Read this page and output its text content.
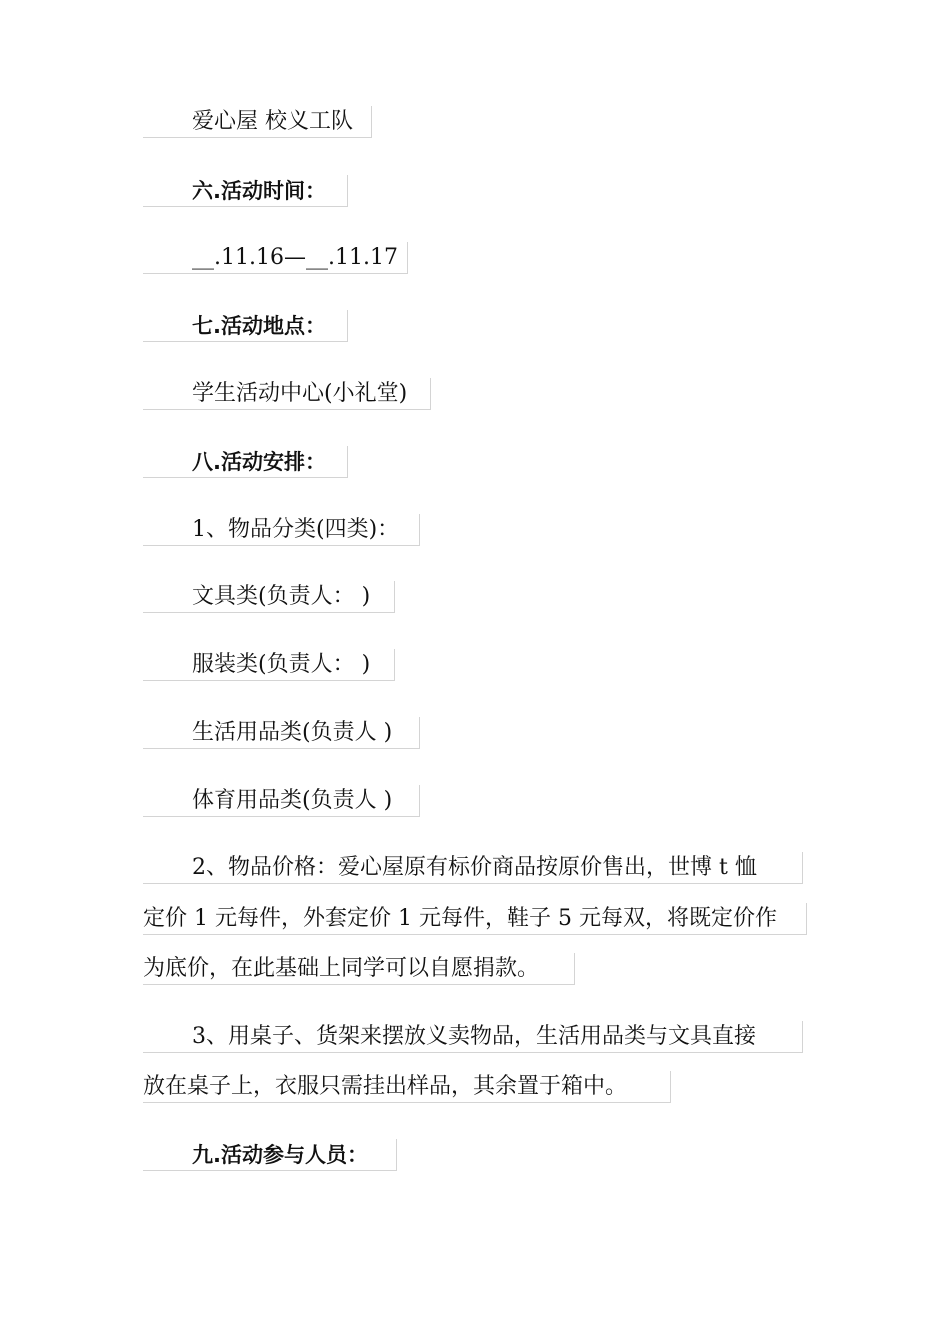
爱心屋 校义工队
六.活动时间：
__.11.16—__.11.17
七.活动地点：
学生活动中心(小礼堂)
八.活动安排：
1、物品分类(四类)：
文具类(负责人： )
服装类(负责人： )
生活用品类(负责人 )
体育用品类(负责人 )
2、物品价格：爱心屋原有标价商品按原价售出，世博 t 恤
定价 1 元每件，外套定价 1 元每件，鞋子 5 元每双，将既定价作
为底价，在此基础上同学可以自愿捐款。
3、用桌子、货架来摆放义卖物品，生活用品类与文具直接
放在桌子上，衣服只需挂出样品，其余置于箱中。
九.活动参与人员：
